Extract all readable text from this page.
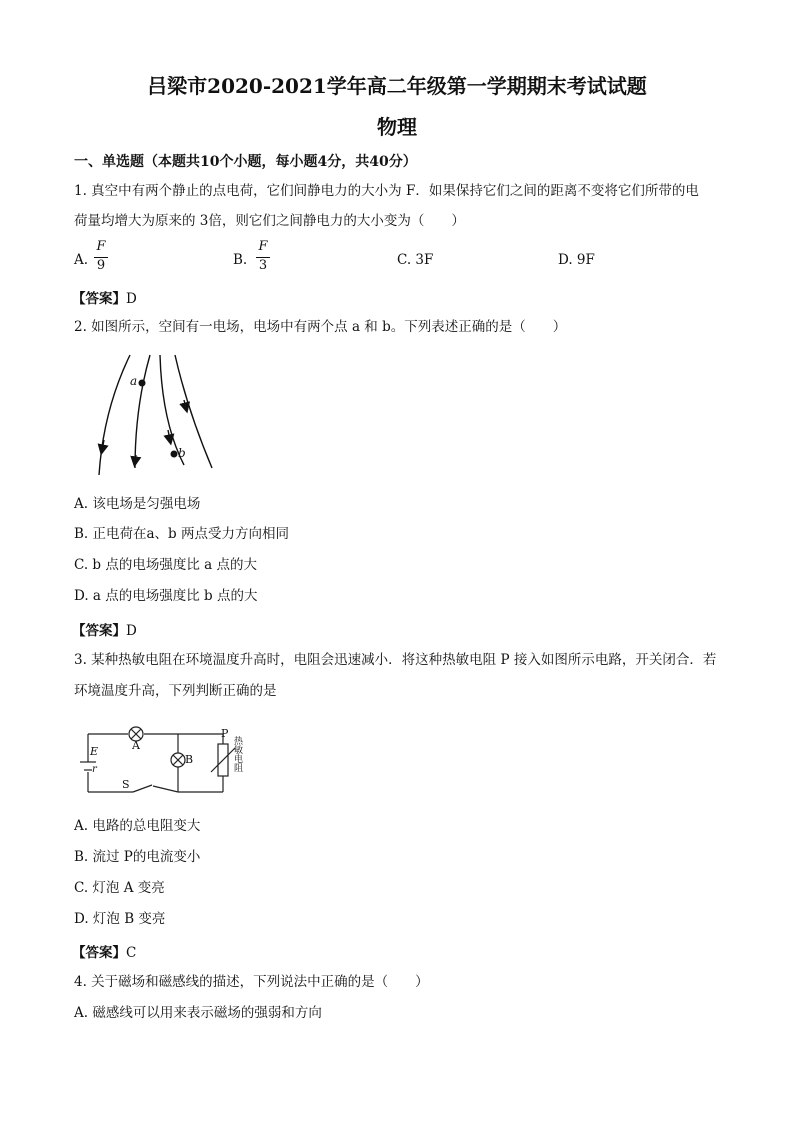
吕梁市2020-2021学年高二年级第一学期期末考试试题
物理
一、单选题（本题共10个小题，每小题4分，共40分）
1. 真空中有两个静止的点电荷，它们间静电力的大小为 F．如果保持它们之间的距离不变将它们所带的电
荷量均增大为原来的 3倍，则它们之间静电力的大小变为（　　）
A.
F
9	B.
F
3	C. 3F	D. 9F
【答案】D
2. 如图所示，空间有一电场，电场中有两个点 a 和 b。下列表述正确的是（　　）
a
b
A. 该电场是匀强电场
B. 正电荷在a、b 两点受力方向相同
C. b 点的电场强度比 a 点的大
D. a 点的电场强度比 b 点的大
【答案】D
3. 某种热敏电阻在环境温度升高时，电阻会迅速减小．将这种热敏电阻 P 接入如图所示电路，开关闭合．若
环境温度升高，下列判断正确的是
E
r
A
B
S
P
热敏电阻
A. 电路的总电阻变大
B. 流过 P的电流变小
C. 灯泡 A 变亮
D. 灯泡 B 变亮
【答案】C
4. 关于磁场和磁感线的描述，下列说法中正确的是（　　）
A. 磁感线可以用来表示磁场的强弱和方向
